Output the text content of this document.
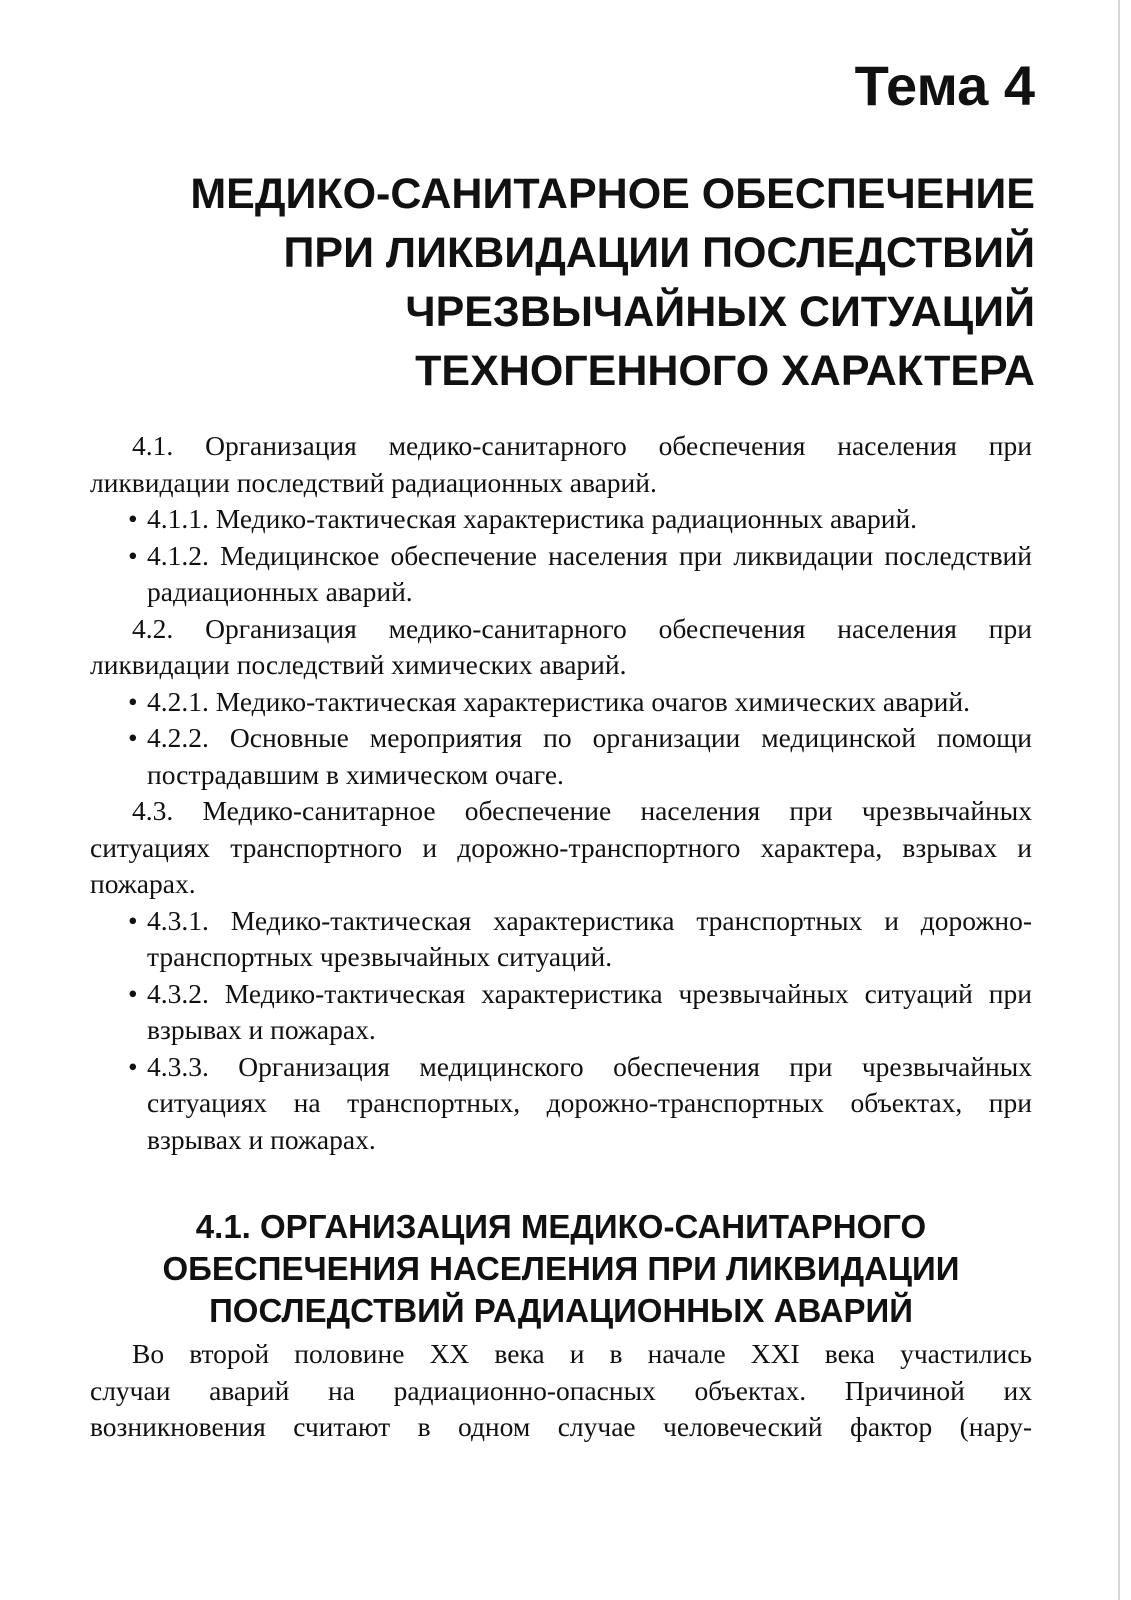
Тема 4
МЕДИКО-САНИТАРНОЕ ОБЕСПЕЧЕНИЕ
ПРИ ЛИКВИДАЦИИ ПОСЛЕДСТВИЙ
ЧРЕЗВЫЧАЙНЫХ СИТУАЦИЙ
ТЕХНОГЕННОГО ХАРАКТЕРА

4.1. Организация медико-санитарного обеспечения населения при ликвидации последствий радиационных аварий.

• 4.1.1. Медико-тактическая характеристика радиационных аварий.

• 4.1.2. Медицинское обеспечение населения при ликвидации последствий радиационных аварий.

4.2. Организация медико-санитарного обеспечения населения при ликвидации последствий химических аварий.

• 4.2.1. Медико-тактическая характеристика очагов химических аварий.

• 4.2.2. Основные мероприятия по организации медицинской помощи пострадавшим в химическом очаге.

4.3. Медико-санитарное обеспечение населения при чрезвычайных ситуациях транспортного и дорожно-транспортного характера, взрывах и пожарах.

• 4.3.1. Медико-тактическая характеристика транспортных и дорожно-транспортных чрезвычайных ситуаций.

• 4.3.2. Медико-тактическая характеристика чрезвычайных ситуаций при взрывах и пожарах.

• 4.3.3. Организация медицинского обеспечения при чрезвычайных ситуациях на транспортных, дорожно-транспортных объектах, при взрывах и пожарах.

4.1. ОРГАНИЗАЦИЯ МЕДИКО-САНИТАРНОГО
ОБЕСПЕЧЕНИЯ НАСЕЛЕНИЯ ПРИ ЛИКВИДАЦИИ
ПОСЛЕДСТВИЙ РАДИАЦИОННЫХ АВАРИЙ

Во второй половине XX века и в начале XXI века участились
случаи аварий на радиационно-опасных объектах. Причиной их
возникновения считают в одном случае человеческий фактор (нару-
